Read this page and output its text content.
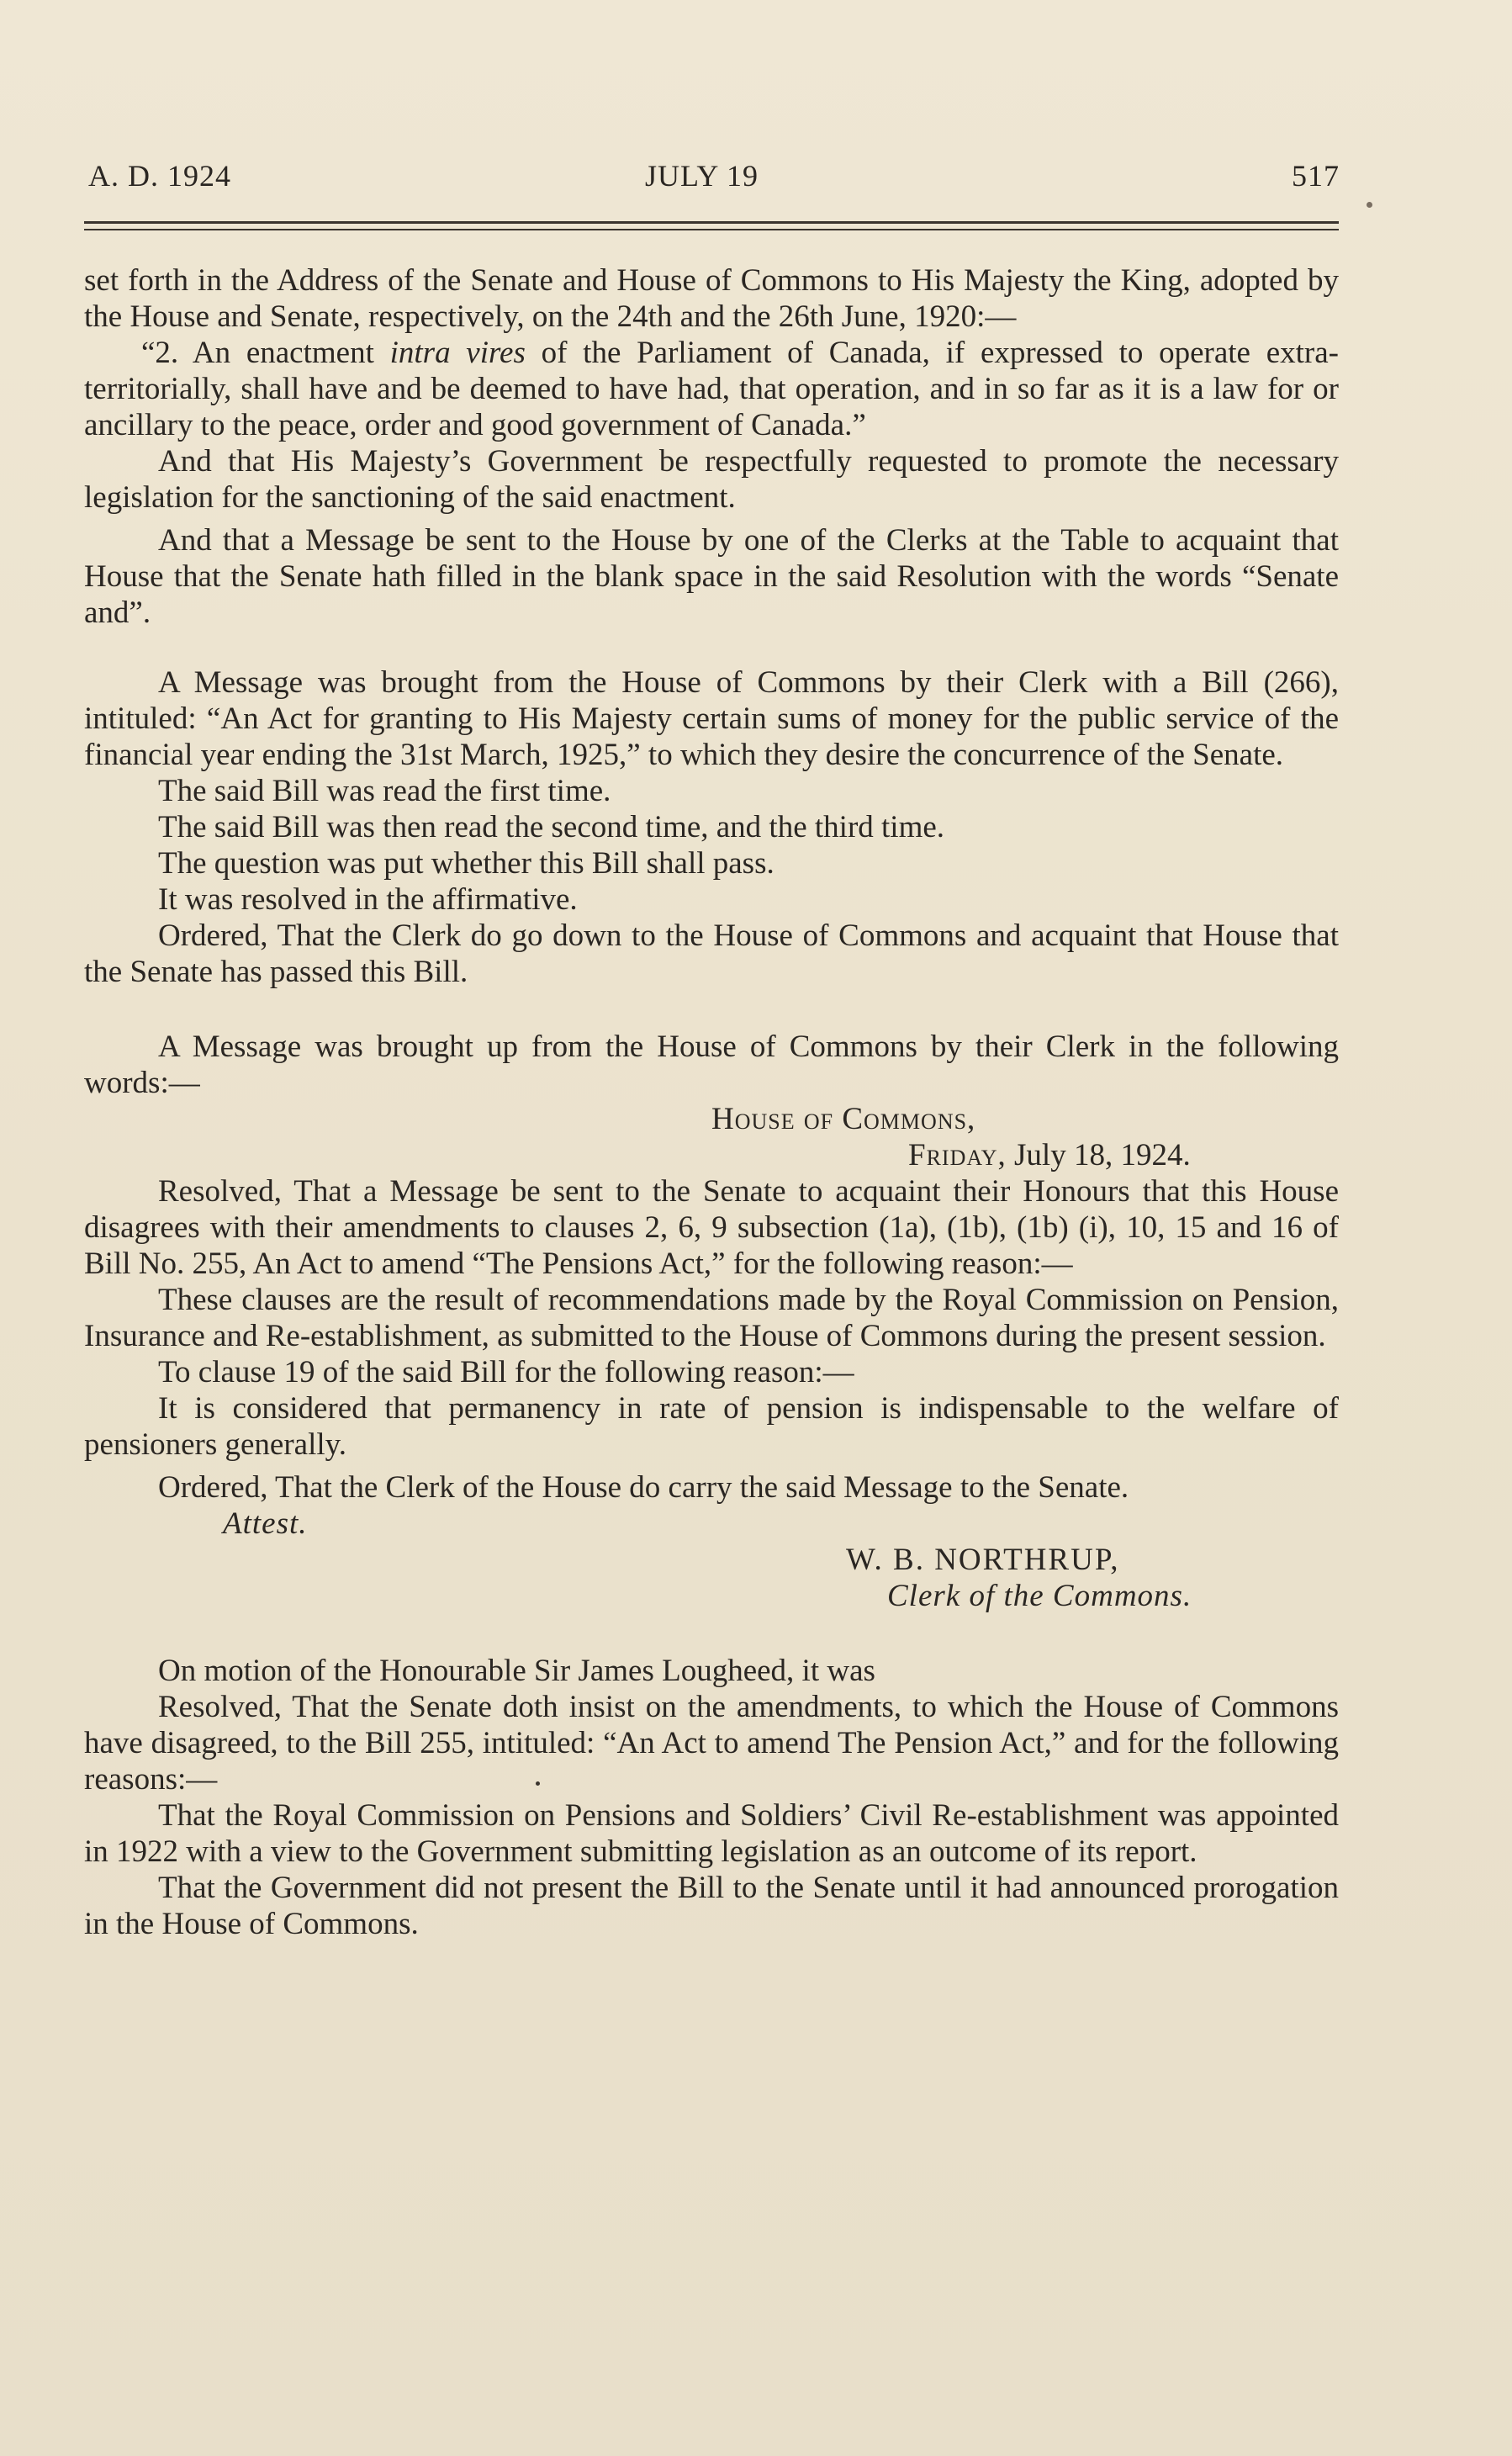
A. D. 1924	JULY 19	517

set forth in the Address of the Senate and House of Commons to His Majesty the King, adopted by the House and Senate, respectively, on the 24th and the 26th June, 1920:—

“2. An enactment intra vires of the Parliament of Canada, if expressed to operate extra-territorially, shall have and be deemed to have had, that operation, and in so far as it is a law for or ancillary to the peace, order and good government of Canada.”

And that His Majesty’s Government be respectfully requested to promote the necessary legislation for the sanctioning of the said enactment.

And that a Message be sent to the House by one of the Clerks at the Table to acquaint that House that the Senate hath filled in the blank space in the said Resolution with the words “Senate and”.

A Message was brought from the House of Commons by their Clerk with a Bill (266), intituled: “An Act for granting to His Majesty certain sums of money for the public service of the financial year ending the 31st March, 1925,” to which they desire the concurrence of the Senate.

The said Bill was read the first time.

The said Bill was then read the second time, and the third time.

The question was put whether this Bill shall pass.

It was resolved in the affirmative.

Ordered, That the Clerk do go down to the House of Commons and acquaint that House that the Senate has passed this Bill.

A Message was brought up from the House of Commons by their Clerk in the following words:—

House of Commons,

Friday, July 18, 1924.

Resolved, That a Message be sent to the Senate to acquaint their Honours that this House disagrees with their amendments to clauses 2, 6, 9 subsection (1a), (1b), (1b) (i), 10, 15 and 16 of Bill No. 255, An Act to amend “The Pensions Act,” for the following reason:—

These clauses are the result of recommendations made by the Royal Commission on Pension, Insurance and Re-establishment, as submitted to the House of Commons during the present session.

To clause 19 of the said Bill for the following reason:—

It is considered that permanency in rate of pension is indispensable to the welfare of pensioners generally.

Ordered, That the Clerk of the House do carry the said Message to the Senate.

Attest.

W. B. NORTHRUP,

Clerk of the Commons.

On motion of the Honourable Sir James Lougheed, it was

Resolved, That the Senate doth insist on the amendments, to which the House of Commons have disagreed, to the Bill 255, intituled: “An Act to amend The Pension Act,” and for the following reasons:—

That the Royal Commission on Pensions and Soldiers’ Civil Re-establishment was appointed in 1922 with a view to the Government submitting legislation as an outcome of its report.

That the Government did not present the Bill to the Senate until it had announced prorogation in the House of Commons.
